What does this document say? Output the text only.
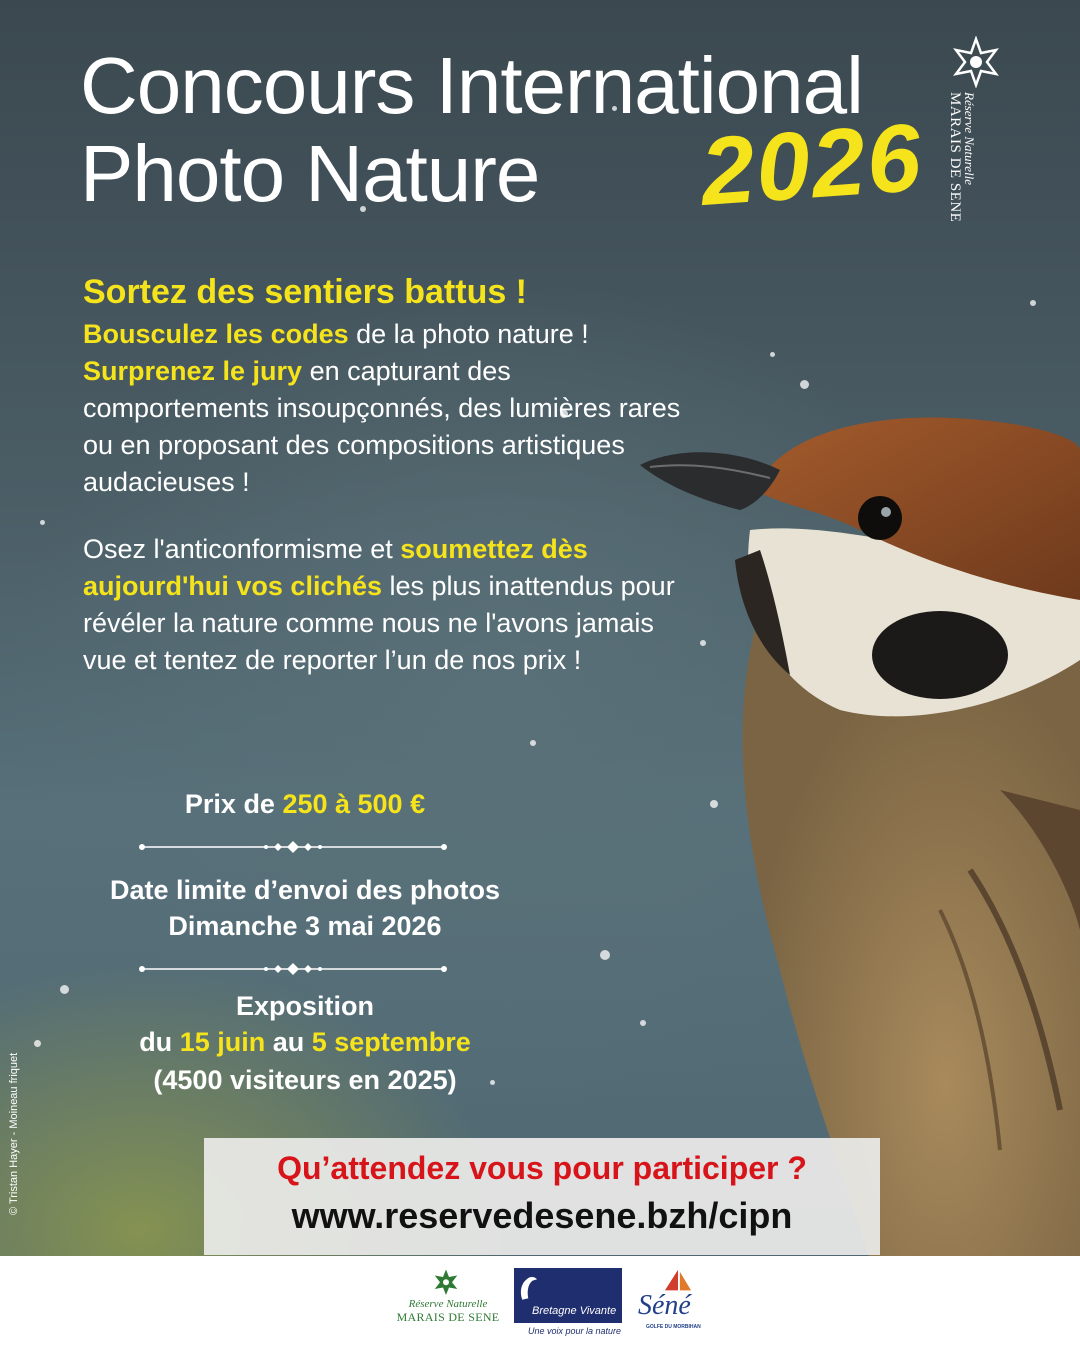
Concours International
Photo Nature 2026	Réserve Naturelle
MARAIS DE SENE
Sortez des sentiers battus !
Bousculez les codes de la photo nature !
Surprenez le jury en capturant des comportements insoupçonnés, des lumières rares ou en proposant des compositions artistiques audacieuses !
Osez l'anticonformisme et soumettez dès aujourd'hui vos clichés les plus inattendus pour révéler la nature comme nous ne l'avons jamais vue et tentez de reporter l’un de nos prix !
Prix de 250 à 500 €
Date limite d’envoi des photos
Dimanche 3 mai 2026
Exposition
du 15 juin au 5 septembre
(4500 visiteurs en 2025)
Qu’attendez vous pour participer ?
www.reservedesene.bzh/cipn
© Tristan Hayer - Moineau friquet
Réserve Naturelle
MARAIS DE SENE	Bretagne Vivante
Une voix pour la nature
Séné
GOLFE DU MORBIHAN
